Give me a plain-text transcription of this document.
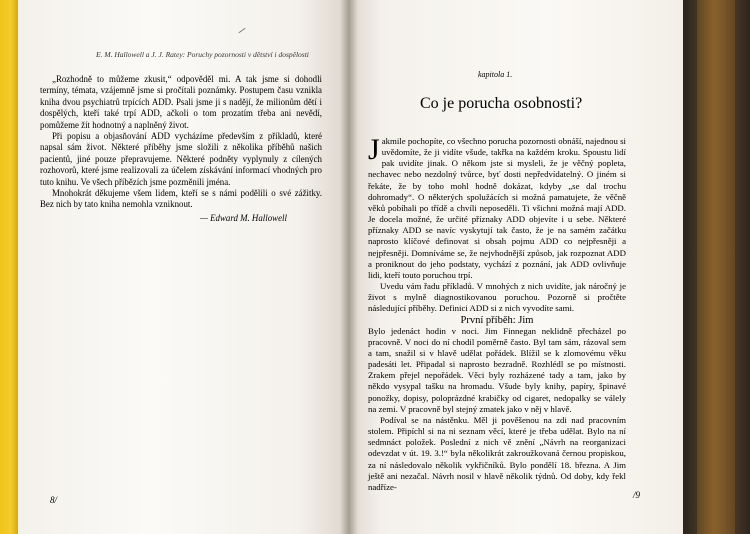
E. M. Hallowell a J. J. Ratey: Poruchy pozornosti v dětství i dospělosti

„Rozhodně to můžeme zkusit,“ odpověděl mi. A tak jsme si dohodli termíny, témata, vzájemně jsme si pročítali poznámky. Postupem času vznikla kniha dvou psychiatrů trpících ADD. Psali jsme ji s nadějí, že milionům dětí i dospělých, kteří také trpí ADD, ačkoli o tom prozatím třeba ani nevědí, pomůžeme žít hodnotný a naplněný život.

Při popisu a objasňování ADD vycházíme především z příkladů, které napsal sám život. Některé příběhy jsme složili z několika příběhů našich pacientů, jiné pouze přepravujeme. Některé podněty vyplynuly z cílených rozhovorů, které jsme realizovali za účelem získávání informací vhodných pro tuto knihu. Ve všech příbězích jsme pozměnili jména.

Mnohokrát děkujeme všem lidem, kteří se s námi podělili o své zážitky. Bez nich by tato kniha nemohla vzniknout.

— Edward M. Hallowell
8/
kapitola 1.
Co je porucha osobnosti?

Jakmile pochopíte, co všechno porucha pozornosti obnáší, najednou si uvědomíte, že ji vidíte všude, takřka na každém kroku. Spoustu lidí pak uvidíte jinak. O někom jste si mysleli, že je věčný popleta, nechavec nebo nezdolný tvůrce, byť dosti nepředvídatelný. O jiném si řekáte, že by toho mohl hodně dokázat, kdyby „se dal trochu dohromady“. O některých spolužácích si možná pamatujete, že věčně věků pobíhali po třídě a chvíli neposeděli. Ti všichni možná mají ADD. Je docela možné, že určité příznaky ADD objevíte i u sebe. Některé příznaky ADD se navíc vyskytují tak často, že je na samém začátku naprosto klíčové definovat si obsah pojmu ADD co nejpřesněji a nejpřesněji. Domníváme se, že nejvhodnější způsob, jak rozpoznat ADD a proniknout do jeho podstaty, vychází z poznání, jak ADD ovlivňuje lidi, kteří touto poruchou trpí.

Uvedu vám řadu příkladů. V mnohých z nich uvidíte, jak náročný je život s mylně diagnostikovanou poruchou. Pozorně si pročtěte následující příběhy. Definici ADD si z nich vyvodíte sami.

První příběh: Jim

Bylo jedenáct hodin v noci. Jim Finnegan neklidně přecházel po pracovně. V noci do ní chodil poměrně často. Byl tam sám, rázoval sem a tam, snažil si v hlavě udělat pořádek. Blížil se k zlomovému věku padesáti let. Připadal si naprosto bezradně. Rozhlédl se po místnosti. Zrakem přejel nepořádek. Věci byly rozházené tady a tam, jako by někdo vysypal tašku na hromadu. Všude byly knihy, papíry, špinavé ponožky, dopisy, poloprázdné krabičky od cigaret, nedopalky se válely na zemi. V pracovně byl stejný zmatek jako v něj v hlavě.

Podíval se na nástěnku. Měl ji pověšenou na zdi nad pracovním stolem. Připíchl si na ni seznam věcí, které je třeba udělat. Bylo na ní sedmnáct položek. Poslední z nich vě znění „Návrh na reorganizaci odevzdat v út. 19. 3.!“ byla několikrát zakroužkovaná černou propiskou, za ní následovalo několik vykřičníků. Bylo pondělí 18. března. A Jim ještě ani nezačal. Návrh nosil v hlavě několik týdnů. Od doby, kdy řekl nadříze-

/9
